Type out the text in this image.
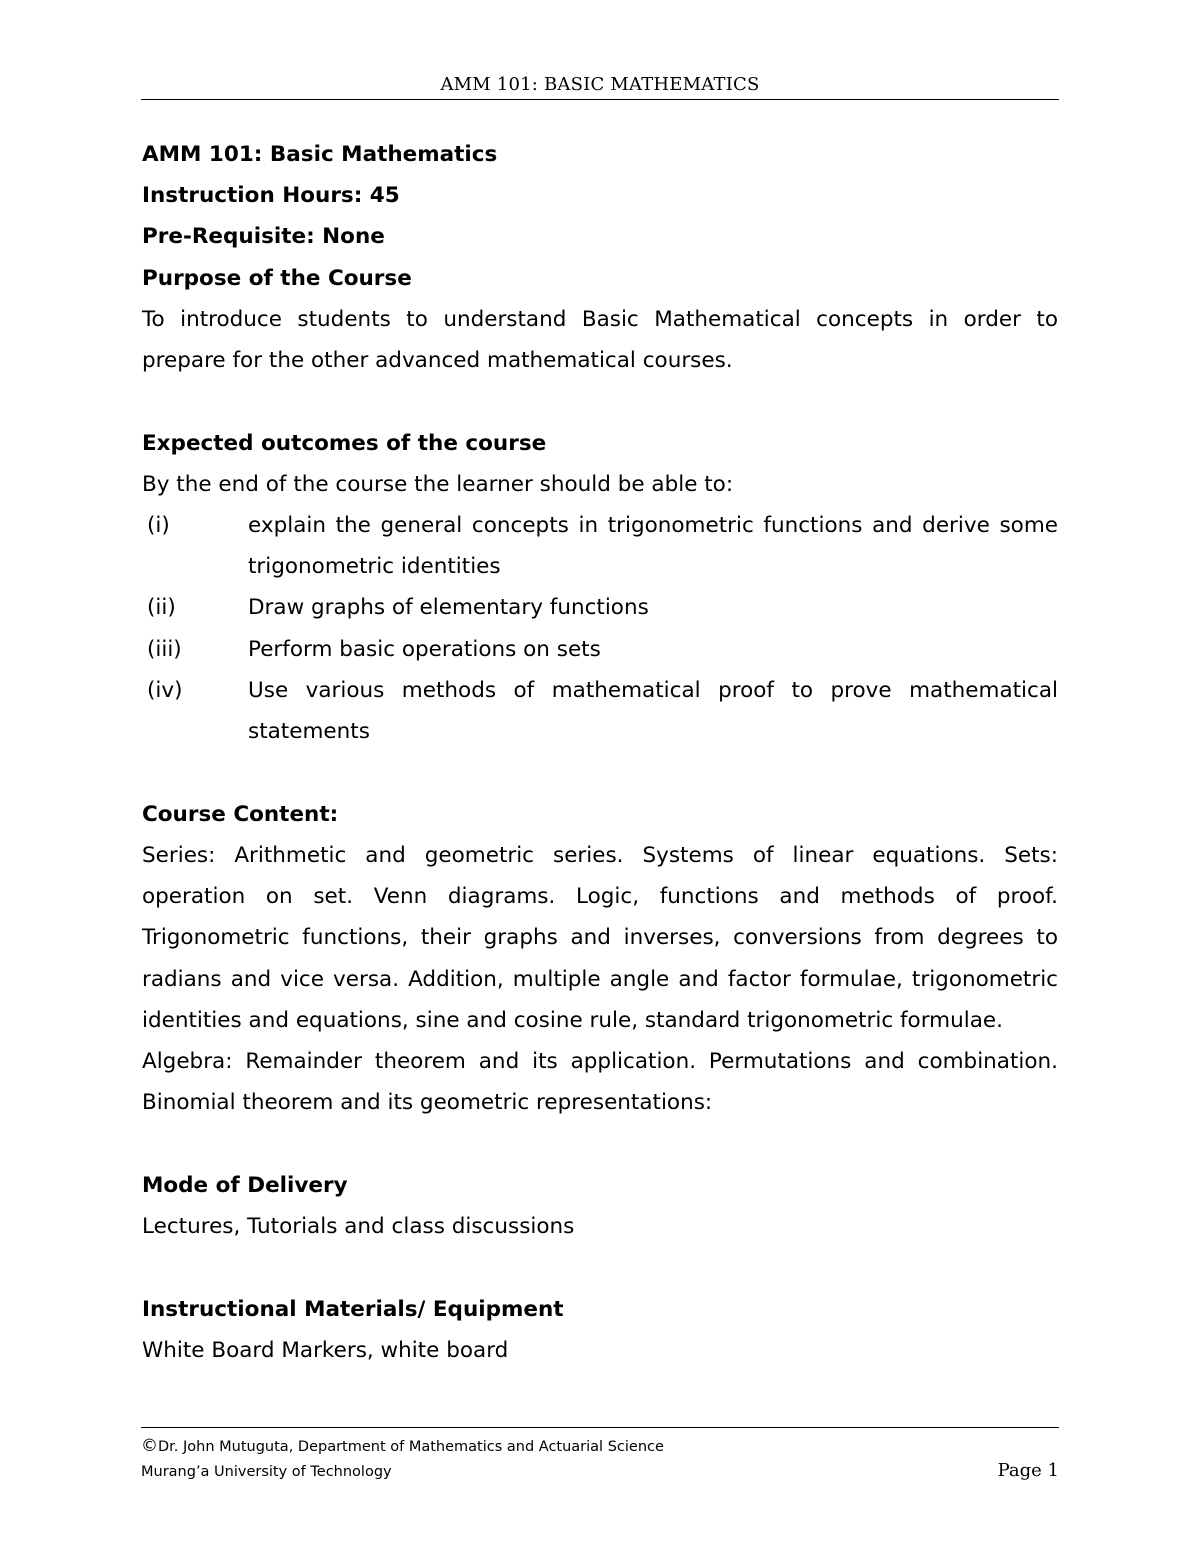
AMM 101: BASIC MATHEMATICS
AMM 101: Basic Mathematics
Instruction Hours: 45
Pre-Requisite: None
Purpose of the Course
To introduce students to understand Basic Mathematical concepts in order to prepare for the other advanced mathematical courses.
Expected outcomes of the course
By the end of the course the learner should be able to:
(i)	explain the general concepts in trigonometric functions and derive some trigonometric identities
(ii)	Draw graphs of elementary functions
(iii)	Perform basic operations on sets
(iv)	Use various methods of mathematical proof to prove mathematical statements
Course Content:
Series: Arithmetic and geometric series. Systems of linear equations. Sets: operation on set. Venn diagrams. Logic, functions and methods of proof. Trigonometric functions, their graphs and inverses, conversions from degrees to radians and vice versa. Addition, multiple angle and factor formulae, trigonometric identities and equations, sine and cosine rule, standard trigonometric formulae.
Algebra: Remainder theorem and its application. Permutations and combination. Binomial theorem and its geometric representations:
Mode of Delivery
Lectures, Tutorials and class discussions
Instructional Materials/ Equipment
White Board Markers, white board
©Dr. John Mutuguta, Department of Mathematics and Actuarial Science
Murang’a University of Technology	Page 1
